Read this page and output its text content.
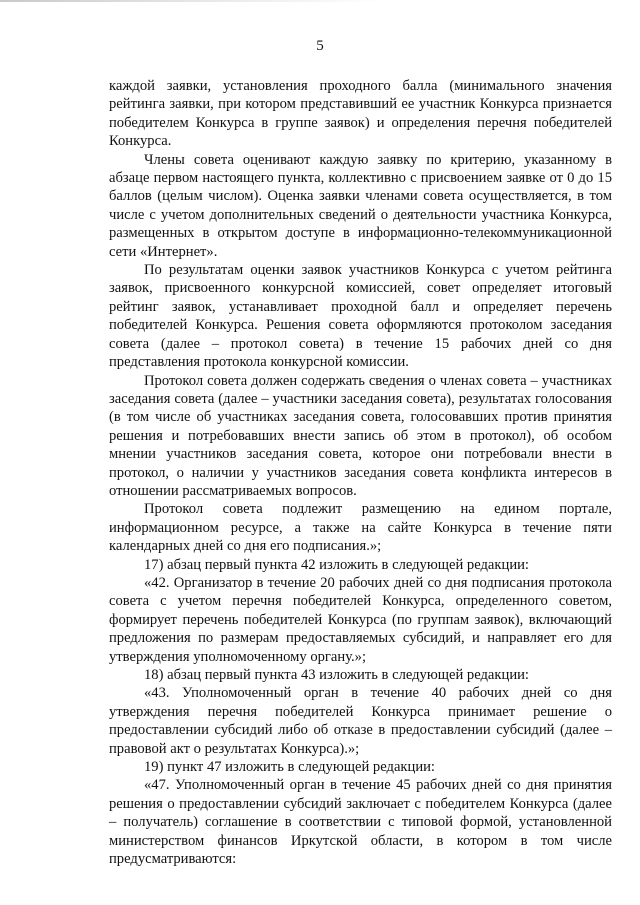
5

каждой заявки, установления проходного балла (минимального значения рейтинга заявки, при котором представивший ее участник Конкурса признается победителем Конкурса в группе заявок) и определения перечня победителей Конкурса.

Члены совета оценивают каждую заявку по критерию, указанному в абзаце первом настоящего пункта, коллективно с присвоением заявке от 0 до 15 баллов (целым числом). Оценка заявки членами совета осуществляется, в том числе с учетом дополнительных сведений о деятельности участника Конкурса, размещенных в открытом доступе в информационно-телекоммуникационной сети «Интернет».

По результатам оценки заявок участников Конкурса с учетом рейтинга заявок, присвоенного конкурсной комиссией, совет определяет итоговый рейтинг заявок, устанавливает проходной балл и определяет перечень победителей Конкурса. Решения совета оформляются протоколом заседания совета (далее – протокол совета) в течение 15 рабочих дней со дня представления протокола конкурсной комиссии.

Протокол совета должен содержать сведения о членах совета – участниках заседания совета (далее – участники заседания совета), результатах голосования (в том числе об участниках заседания совета, голосовавших против принятия решения и потребовавших внести запись об этом в протокол), об особом мнении участников заседания совета, которое они потребовали внести в протокол, о наличии у участников заседания совета конфликта интересов в отношении рассматриваемых вопросов.

Протокол совета подлежит размещению на едином портале, информационном ресурсе, а также на сайте Конкурса в течение пяти календарных дней со дня его подписания.»;

17) абзац первый пункта 42 изложить в следующей редакции:

«42. Организатор в течение 20 рабочих дней со дня подписания протокола совета с учетом перечня победителей Конкурса, определенного советом, формирует перечень победителей Конкурса (по группам заявок), включающий предложения по размерам предоставляемых субсидий, и направляет его для утверждения уполномоченному органу.»;

18) абзац первый пункта 43 изложить в следующей редакции:

«43. Уполномоченный орган в течение 40 рабочих дней со дня утверждения перечня победителей Конкурса принимает решение о предоставлении субсидий либо об отказе в предоставлении субсидий (далее – правовой акт о результатах Конкурса).»;

19) пункт 47 изложить в следующей редакции:

«47. Уполномоченный орган в течение 45 рабочих дней со дня принятия решения о предоставлении субсидий заключает с победителем Конкурса (далее – получатель) соглашение в соответствии с типовой формой, установленной министерством финансов Иркутской области, в котором в том числе предусматриваются:
